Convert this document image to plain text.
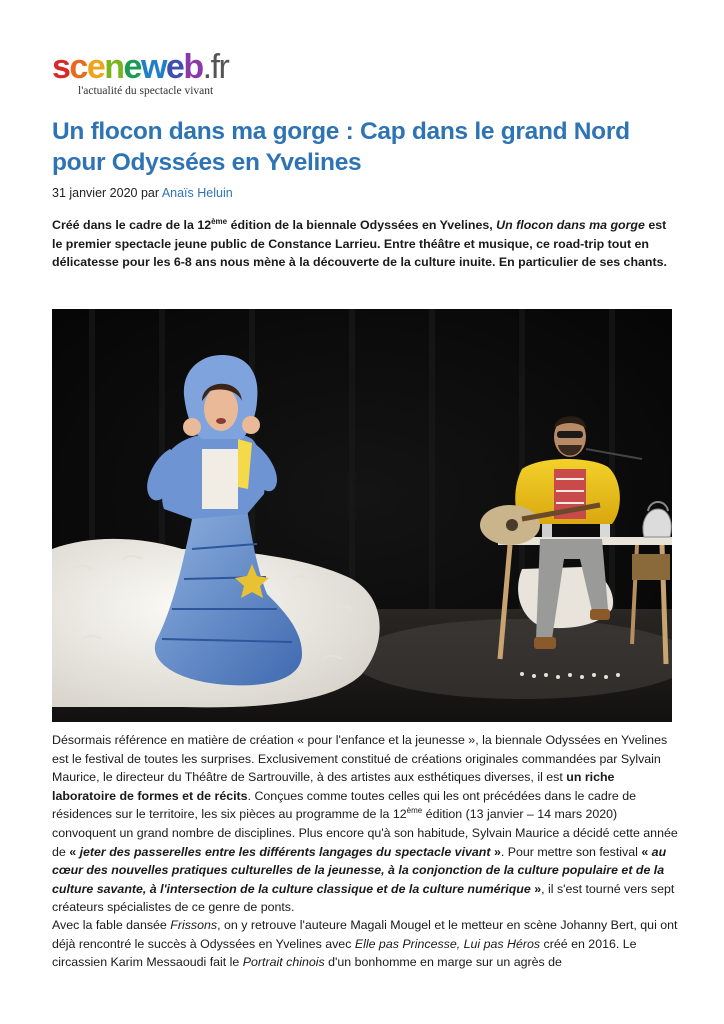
sceneweb.fr
l'actualité du spectacle vivant
Un flocon dans ma gorge : Cap dans le grand Nord pour Odyssées en Yvelines
31 janvier 2020 par Anaïs Heluin

Créé dans le cadre de la 12ème édition de la biennale Odyssées en Yvelines, Un flocon dans ma gorge est le premier spectacle jeune public de Constance Larrieu. Entre théâtre et musique, ce road-trip tout en délicatesse pour les 6-8 ans nous mène à la découverte de la culture inuite. En particulier de ses chants.

Désormais référence en matière de création « pour l'enfance et la jeunesse », la biennale Odyssées en Yvelines est le festival de toutes les surprises. Exclusivement constitué de créations originales commandées par Sylvain Maurice, le directeur du Théâtre de Sartrouville, à des artistes aux esthétiques diverses, il est un riche laboratoire de formes et de récits. Conçues comme toutes celles qui les ont précédées dans le cadre de résidences sur le territoire, les six pièces au programme de la 12ème édition (13 janvier – 14 mars 2020) convoquent un grand nombre de disciplines. Plus encore qu'à son habitude, Sylvain Maurice a décidé cette année de « jeter des passerelles entre les différents langages du spectacle vivant ». Pour mettre son festival « au cœur des nouvelles pratiques culturelles de la jeunesse, à la conjonction de la culture populaire et de la culture savante, à l'intersection de la culture classique et de la culture numérique », il s'est tourné vers sept créateurs spécialistes de ce genre de ponts.

Avec la fable dansée Frissons, on y retrouve l'auteure Magali Mougel et le metteur en scène Johanny Bert, qui ont déjà rencontré le succès à Odyssées en Yvelines avec Elle pas Princesse, Lui pas Héros créé en 2016. Le circassien Karim Messaoudi fait le Portrait chinois d'un bonhomme en marge sur un agrès de
